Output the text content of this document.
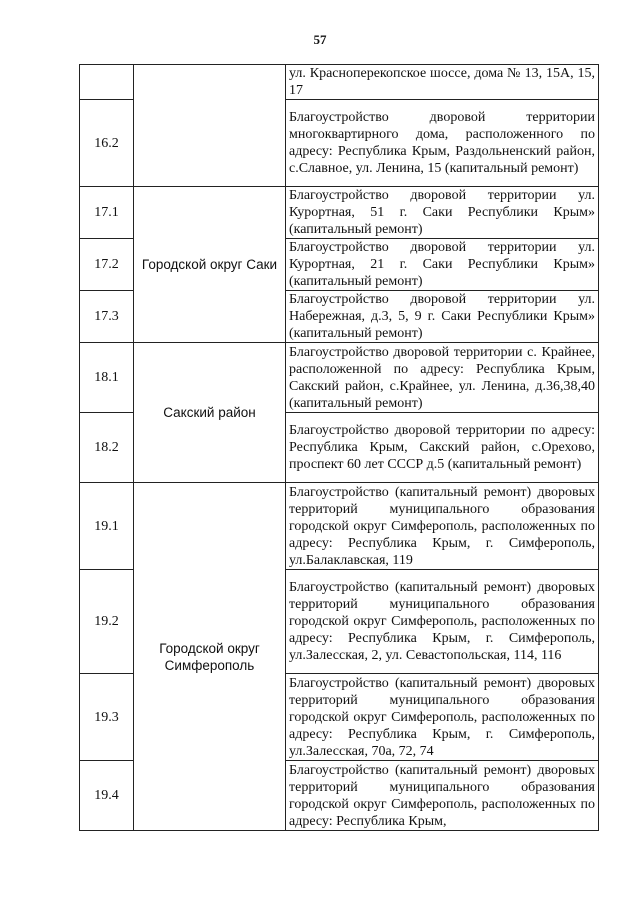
57
		ул. Красноперекопское шоссе, дома № 13, 15А, 15, 17
16.2		Благоустройство дворовой территории многоквартирного дома, расположенного по адресу: Республика Крым, Раздольненский район, с.Славное, ул. Ленина, 15 (капитальный ремонт)
17.1	Городской округ Саки	Благоустройство дворовой территории ул. Курортная, 51 г. Саки Республики Крым» (капитальный ремонт)
17.2		Благоустройство дворовой территории ул. Курортная, 21 г. Саки Республики Крым» (капитальный ремонт)
17.3		Благоустройство дворовой территории ул. Набережная, д.3, 5, 9 г. Саки Республики Крым» (капитальный ремонт)
18.1	Сакский район	Благоустройство дворовой территории с. Крайнее, расположенной по адресу: Республика Крым, Сакский район, с.Крайнее, ул. Ленина, д.36,38,40 (капитальный ремонт)
18.2		Благоустройство дворовой территории по адресу: Республика Крым, Сакский район, с.Орехово, проспект 60 лет СССР д.5 (капитальный ремонт)
19.1	Городской округ Симферополь	Благоустройство (капитальный ремонт) дворовых территорий муниципального образования городской округ Симферополь, расположенных по адресу: Республика Крым, г. Симферополь, ул.Балаклавская, 119
19.2		Благоустройство (капитальный ремонт) дворовых территорий муниципального образования городской округ Симферополь, расположенных по адресу: Республика Крым, г. Симферополь, ул.Залесская, 2, ул. Севастопольская, 114, 116
19.3		Благоустройство (капитальный ремонт) дворовых территорий муниципального образования городской округ Симферополь, расположенных по адресу: Республика Крым, г. Симферополь, ул.Залесская, 70а, 72, 74
19.4		Благоустройство (капитальный ремонт) дворовых территорий муниципального образования городской округ Симферополь, расположенных по адресу: Республика Крым,
